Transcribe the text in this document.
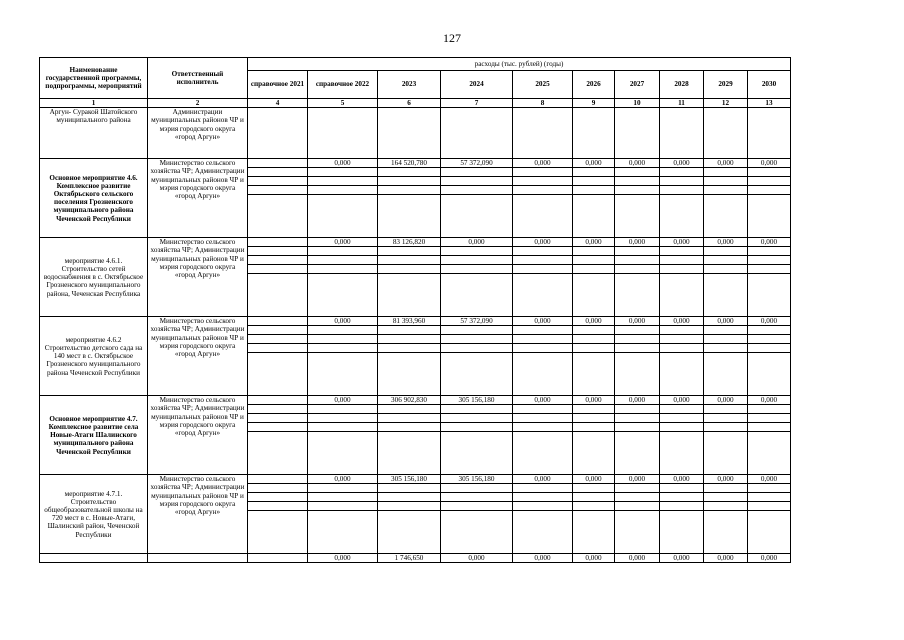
127
Наименование государственной программы, подпрограммы, мероприятий	Ответственный исполнитель	расходы (тыс. рублей) (годы)									
		справочное 2021	справочное 2022	2023	2024	2025	2026	2027	2028	2029	2030
1	2	4	5	6	7	8	9	10	11	12	13
Аргун- Суракой Шатойского муниципального района	Администрации муниципальных районов ЧР и мэрия городского округа «город Аргун»										
Основное мероприятие 4.6. Комплексное развитие Октябрьского сельского поселения Грозненского муниципального района Чеченской Республики	Министерство сельского хозяйства ЧР; Администрации муниципальных районов ЧР и мэрия городского округа «город Аргун»		0,000	164 520,780	57 372,090	0,000	0,000	0,000	0,000	0,000	0,000

мероприятие 4.6.1. Строительство сетей водоснабжения в с. Октябрьское Грозненского муниципального района, Чеченская Республика	Министерство сельского хозяйства ЧР; Администрации муниципальных районов ЧР и мэрия городского округа «город Аргун»		0,000	83 126,820	0,000	0,000	0,000	0,000	0,000	0,000	0,000

мероприятие 4.6.2 Строительство детского сада на 140 мест в с. Октябрьское Грозненского муниципального района Чеченской Республики	Министерство сельского хозяйства ЧР; Администрации муниципальных районов ЧР и мэрия городского округа «город Аргун»		0,000	81 393,960	57 372,090	0,000	0,000	0,000	0,000	0,000	0,000

Основное мероприятие 4.7. Комплексное развитие села Новые-Атаги Шалинского муниципального района Чеченской Республики	Министерство сельского хозяйства ЧР; Администрации муниципальных районов ЧР и мэрия городского округа «город Аргун»		0,000	306 902,830	305 156,180	0,000	0,000	0,000	0,000	0,000	0,000

мероприятие 4.7.1. Строительство общеобразовательной школы на 720 мест в с. Новые-Атаги, Шалинский район, Чеченской Республики	Министерство сельского хозяйства ЧР; Администрации муниципальных районов ЧР и мэрия городского округа «город Аргун»		0,000	305 156,180	305 156,180	0,000	0,000	0,000	0,000	0,000	0,000

			0,000	1 746,650	0,000	0,000	0,000	0,000	0,000	0,000	0,000
